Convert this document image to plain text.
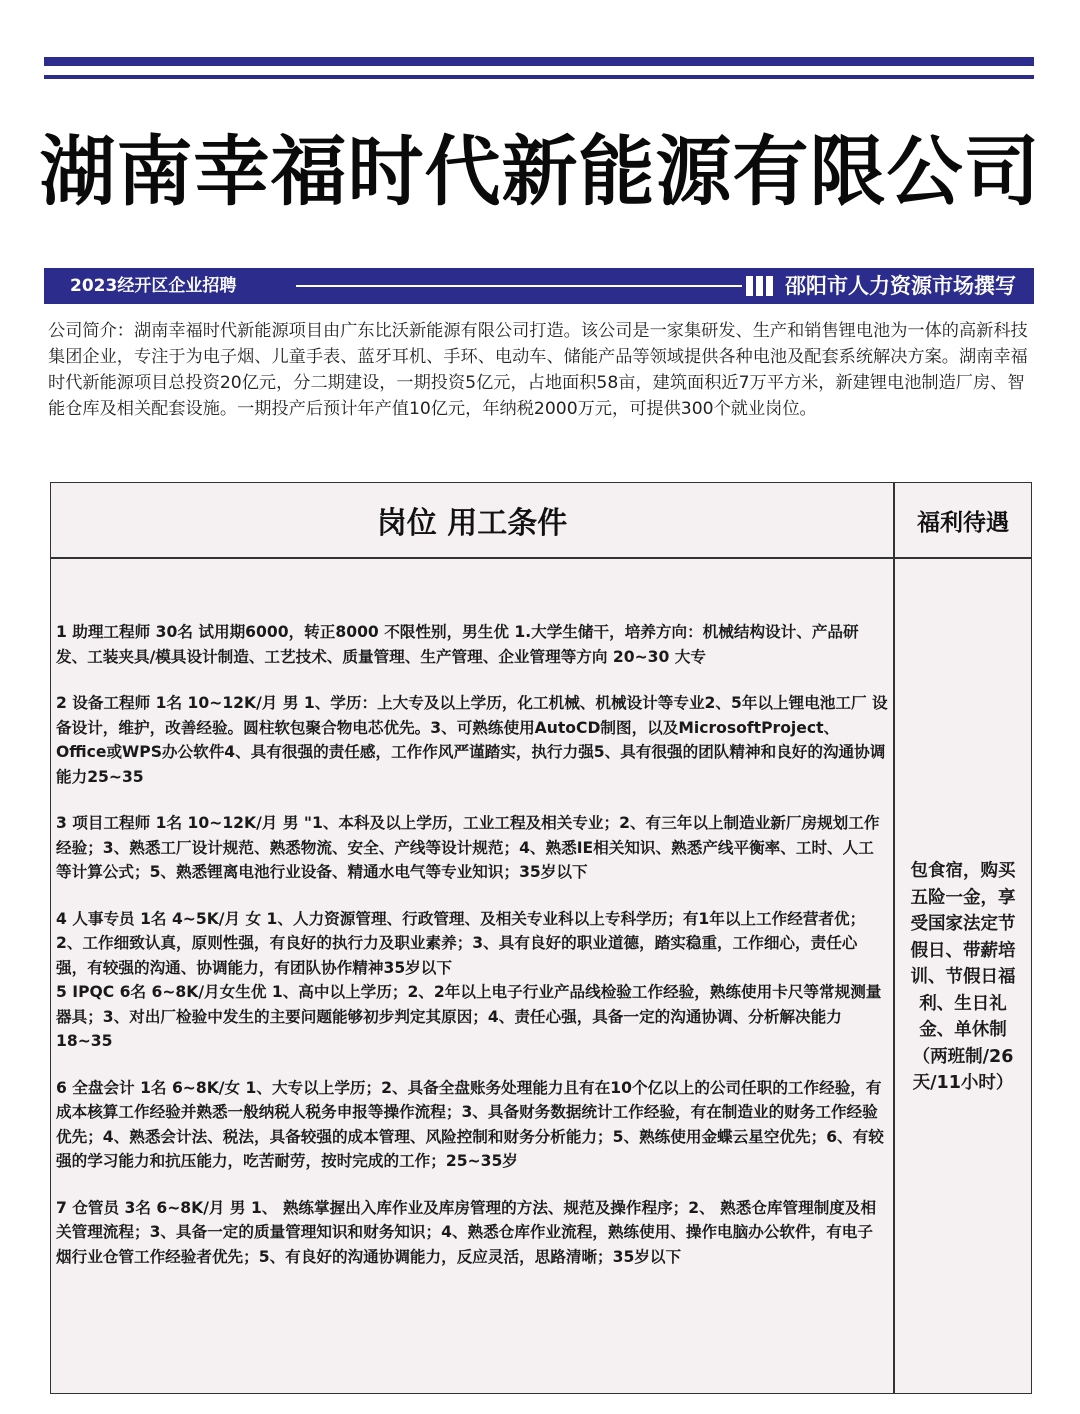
湖南幸福时代新能源有限公司
2023经开区企业招聘	邵阳市人力资源市场撰写
公司简介：湖南幸福时代新能源项目由广东比沃新能源有限公司打造。该公司是一家集研发、生产和销售锂电池为一体的高新科技集团企业，专注于为电子烟、儿童手表、蓝牙耳机、手环、电动车、储能产品等领域提供各种电池及配套系统解决方案。湖南幸福时代新能源项目总投资20亿元，分二期建设，一期投资5亿元，占地面积58亩，建筑面积近7万平方米，新建锂电池制造厂房、智能仓库及相关配套设施。一期投产后预计年产值10亿元，年纳税2000万元，可提供300个就业岗位。
岗位 用工条件	福利待遇
包食宿，购买五险一金，享受国家法定节假日、带薪培训、节假日福利、生日礼金、单休制（两班制/26天/11小时）

1 助理工程师 30名 试用期6000，转正8000 不限性别，男生优 1.大学生储干，培养方向：机械结构设计、产品研发、工装夹具/模具设计制造、工艺技术、质量管理、生产管理、企业管理等方向 20~30 大专

2 设备工程师 1名 10~12K/月 男 1、学历：上大专及以上学历，化工机械、机械设计等专业2、5年以上锂电池工厂 设备设计，维护，改善经验。圆柱软包聚合物电芯优先。3、可熟练使用AutoCD制图，以及MicrosoftProject、Office或WPS办公软件4、具有很强的责任感，工作作风严谨踏实，执行力强5、具有很强的团队精神和良好的沟通协调能力25~35

3 项目工程师 1名 10~12K/月 男 "1、本科及以上学历，工业工程及相关专业；2、有三年以上制造业新厂房规划工作经验；3、熟悉工厂设计规范、熟悉物流、安全、产线等设计规范；4、熟悉IE相关知识、熟悉产线平衡率、工时、人工等计算公式；5、熟悉锂离电池行业设备、精通水电气等专业知识；35岁以下

4 人事专员 1名 4~5K/月 女 1、人力资源管理、行政管理、及相关专业科以上专科学历；有1年以上工作经营者优；2、工作细致认真，原则性强，有良好的执行力及职业素养；3、具有良好的职业道德，踏实稳重，工作细心，责任心强，有较强的沟通、协调能力，有团队协作精神35岁以下

5 IPQC 6名 6~8K/月女生优 1、高中以上学历；2、2年以上电子行业产品线检验工作经验，熟练使用卡尺等常规测量器具；3、对出厂检验中发生的主要问题能够初步判定其原因；4、责任心强，具备一定的沟通协调、分析解决能力 18~35

6 全盘会计 1名 6~8K/女 1、大专以上学历；2、具备全盘账务处理能力且有在10个亿以上的公司任职的工作经验，有成本核算工作经验并熟悉一般纳税人税务申报等操作流程；3、具备财务数据统计工作经验，有在制造业的财务工作经验优先；4、熟悉会计法、税法，具备较强的成本管理、风险控制和财务分析能力；5、熟练使用金蝶云星空优先；6、有较强的学习能力和抗压能力，吃苦耐劳，按时完成的工作；25~35岁

7 仓管员 3名 6~8K/月 男 1、 熟练掌握出入库作业及库房管理的方法、规范及操作程序；2、 熟悉仓库管理制度及相关管理流程；3、具备一定的质量管理知识和财务知识；4、熟悉仓库作业流程，熟练使用、操作电脑办公软件，有电子烟行业仓管工作经验者优先；5、有良好的沟通协调能力，反应灵活，思路清晰；35岁以下
